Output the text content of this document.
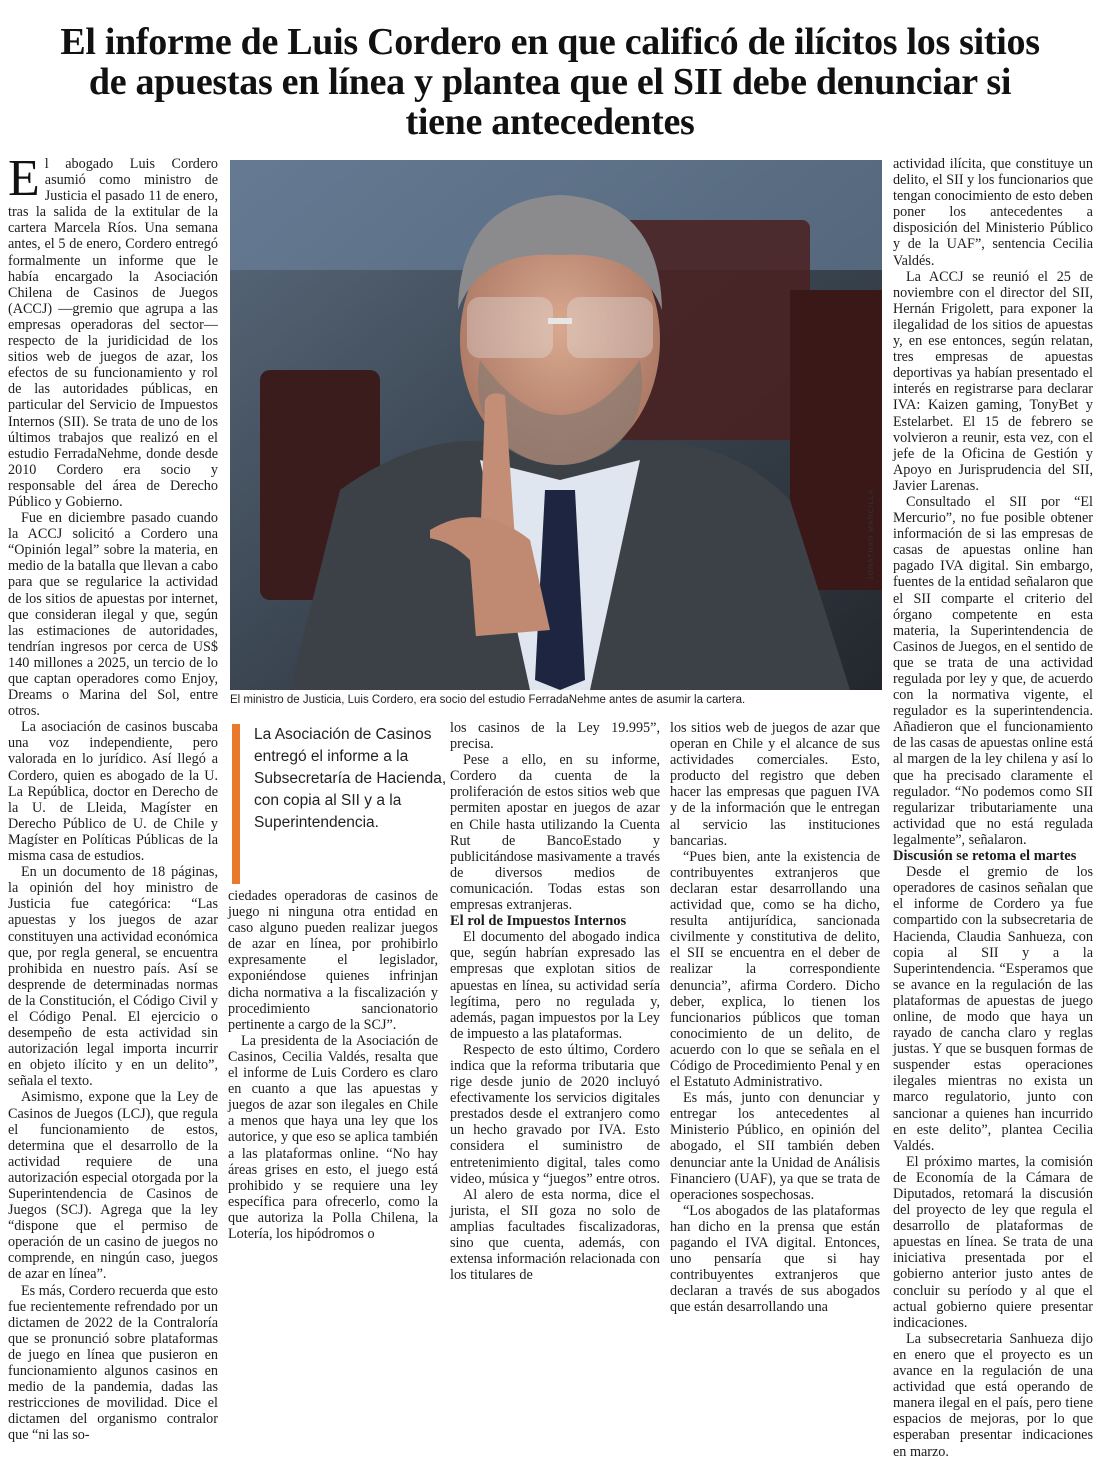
El informe de Luis Cordero en que calificó de ilícitos los sitios de apuestas en línea y plantea que el SII debe denunciar si tiene antecedentes

El abogado Luis Cordero asumió como ministro de Justicia el pasado 11 de enero, tras la salida de la extitular de la cartera Marcela Ríos. Una semana antes, el 5 de enero, Cordero entregó formalmente un informe que le había encargado la Asociación Chilena de Casinos de Juegos (ACCJ) —gremio que agrupa a las empresas operadoras del sector— respecto de la juridicidad de los sitios web de juegos de azar, los efectos de su funcionamiento y rol de las autoridades públicas, en particular del Servicio de Impuestos Internos (SII). Se trata de uno de los últimos trabajos que realizó en el estudio FerradaNehme, donde desde 2010 Cordero era socio y responsable del área de Derecho Público y Gobierno.

Fue en diciembre pasado cuando la ACCJ solicitó a Cordero una “Opinión legal” sobre la materia, en medio de la batalla que llevan a cabo para que se regularice la actividad de los sitios de apuestas por internet, que consideran ilegal y que, según las estimaciones de autoridades, tendrían ingresos por cerca de US$ 140 millones a 2025, un tercio de lo que captan operadores como Enjoy, Dreams o Marina del Sol, entre otros.

La asociación de casinos buscaba una voz independiente, pero valorada en lo jurídico. Así llegó a Cordero, quien es abogado de la U. La República, doctor en Derecho de la U. de Lleida, Magíster en Derecho Público de U. de Chile y Magíster en Políticas Públicas de la misma casa de estudios.

En un documento de 18 páginas, la opinión del hoy ministro de Justicia fue categórica: “Las apuestas y los juegos de azar constituyen una actividad económica que, por regla general, se encuentra prohibida en nuestro país. Así se desprende de determinadas normas de la Constitución, el Código Civil y el Código Penal. El ejercicio o desempeño de esta actividad sin autorización legal importa incurrir en objeto ilícito y en un delito”, señala el texto.

Asimismo, expone que la Ley de Casinos de Juegos (LCJ), que regula el funcionamiento de estos, determina que el desarrollo de la actividad requiere de una autorización especial otorgada por la Superintendencia de Casinos de Juegos (SCJ). Agrega que la ley “dispone que el permiso de operación de un casino de juegos no comprende, en ningún caso, juegos de azar en línea”.

Es más, Cordero recuerda que esto fue recientemente refrendado por un dictamen de 2022 de la Contraloría que se pronunció sobre plataformas de juego en línea que pusieron en funcionamiento algunos casinos en medio de la pandemia, dadas las restricciones de movilidad. Dice el dictamen del organismo contralor que “ni las so-

JONATHAN MANCILLA
El ministro de Justicia, Luis Cordero, era socio del estudio FerradaNehme antes de asumir la cartera.
La Asociación de Casinos entregó el informe a la Subsecretaría de Hacienda, con copia al SII y a la Superintendencia.

ciedades operadoras de casinos de juego ni ninguna otra entidad en caso alguno pueden realizar juegos de azar en línea, por prohibirlo expresamente el legislador, exponiéndose quienes infrinjan dicha normativa a la fiscalización y procedimiento sancionatorio pertinente a cargo de la SCJ”.

La presidenta de la Asociación de Casinos, Cecilia Valdés, resalta que el informe de Luis Cordero es claro en cuanto a que las apuestas y juegos de azar son ilegales en Chile a menos que haya una ley que los autorice, y que eso se aplica también a las plataformas online. “No hay áreas grises en esto, el juego está prohibido y se requiere una ley específica para ofrecerlo, como la que autoriza la Polla Chilena, la Lotería, los hipódromos o

los casinos de la Ley 19.995”, precisa.

Pese a ello, en su informe, Cordero da cuenta de la proliferación de estos sitios web que permiten apostar en juegos de azar en Chile hasta utilizando la Cuenta Rut de BancoEstado y publicitándose masivamente a través de diversos medios de comunicación. Todas estas son empresas extranjeras.

El rol de Impuestos Internos

El documento del abogado indica que, según habrían expresado las empresas que explotan sitios de apuestas en línea, su actividad sería legítima, pero no regulada y, además, pagan impuestos por la Ley de impuesto a las plataformas.

Respecto de esto último, Cordero indica que la reforma tributaria que rige desde junio de 2020 incluyó efectivamente los servicios digitales prestados desde el extranjero como un hecho gravado por IVA. Esto considera el suministro de entretenimiento digital, tales como video, música y “juegos” entre otros.

Al alero de esta norma, dice el jurista, el SII goza no solo de amplias facultades fiscalizadoras, sino que cuenta, además, con extensa información relacionada con los titulares de

los sitios web de juegos de azar que operan en Chile y el alcance de sus actividades comerciales. Esto, producto del registro que deben hacer las empresas que paguen IVA y de la información que le entregan al servicio las instituciones bancarias.

“Pues bien, ante la existencia de contribuyentes extranjeros que declaran estar desarrollando una actividad que, como se ha dicho, resulta antijurídica, sancionada civilmente y constitutiva de delito, el SII se encuentra en el deber de realizar la correspondiente denuncia”, afirma Cordero. Dicho deber, explica, lo tienen los funcionarios públicos que toman conocimiento de un delito, de acuerdo con lo que se señala en el Código de Procedimiento Penal y en el Estatuto Administrativo.

Es más, junto con denunciar y entregar los antecedentes al Ministerio Público, en opinión del abogado, el SII también deben denunciar ante la Unidad de Análisis Financiero (UAF), ya que se trata de operaciones sospechosas.

“Los abogados de las plataformas han dicho en la prensa que están pagando el IVA digital. Entonces, uno pensaría que si hay contribuyentes extranjeros que declaran a través de sus abogados que están desarrollando una

actividad ilícita, que constituye un delito, el SII y los funcionarios que tengan conocimiento de esto deben poner los antecedentes a disposición del Ministerio Público y de la UAF”, sentencia Cecilia Valdés.

La ACCJ se reunió el 25 de noviembre con el director del SII, Hernán Frigolett, para exponer la ilegalidad de los sitios de apuestas y, en ese entonces, según relatan, tres empresas de apuestas deportivas ya habían presentado el interés en registrarse para declarar IVA: Kaizen gaming, TonyBet y Estelarbet. El 15 de febrero se volvieron a reunir, esta vez, con el jefe de la Oficina de Gestión y Apoyo en Jurisprudencia del SII, Javier Larenas.

Consultado el SII por “El Mercurio”, no fue posible obtener información de si las empresas de casas de apuestas online han pagado IVA digital. Sin embargo, fuentes de la entidad señalaron que el SII comparte el criterio del órgano competente en esta materia, la Superintendencia de Casinos de Juegos, en el sentido de que se trata de una actividad regulada por ley y que, de acuerdo con la normativa vigente, el regulador es la superintendencia. Añadieron que el funcionamiento de las casas de apuestas online está al margen de la ley chilena y así lo que ha precisado claramente el regulador. “No podemos como SII regularizar tributariamente una actividad que no está regulada legalmente”, señalaron.

Discusión se retoma el martes

Desde el gremio de los operadores de casinos señalan que el informe de Cordero ya fue compartido con la subsecretaria de Hacienda, Claudia Sanhueza, con copia al SII y a la Superintendencia. “Esperamos que se avance en la regulación de las plataformas de apuestas de juego online, de modo que haya un rayado de cancha claro y reglas justas. Y que se busquen formas de suspender estas operaciones ilegales mientras no exista un marco regulatorio, junto con sancionar a quienes han incurrido en este delito”, plantea Cecilia Valdés.

El próximo martes, la comisión de Economía de la Cámara de Diputados, retomará la discusión del proyecto de ley que regula el desarrollo de plataformas de apuestas en línea. Se trata de una iniciativa presentada por el gobierno anterior justo antes de concluir su período y al que el actual gobierno quiere presentar indicaciones.

La subsecretaria Sanhueza dijo en enero que el proyecto es un avance en la regulación de una actividad que está operando de manera ilegal en el país, pero tiene espacios de mejoras, por lo que esperaban presentar indicaciones en marzo.
